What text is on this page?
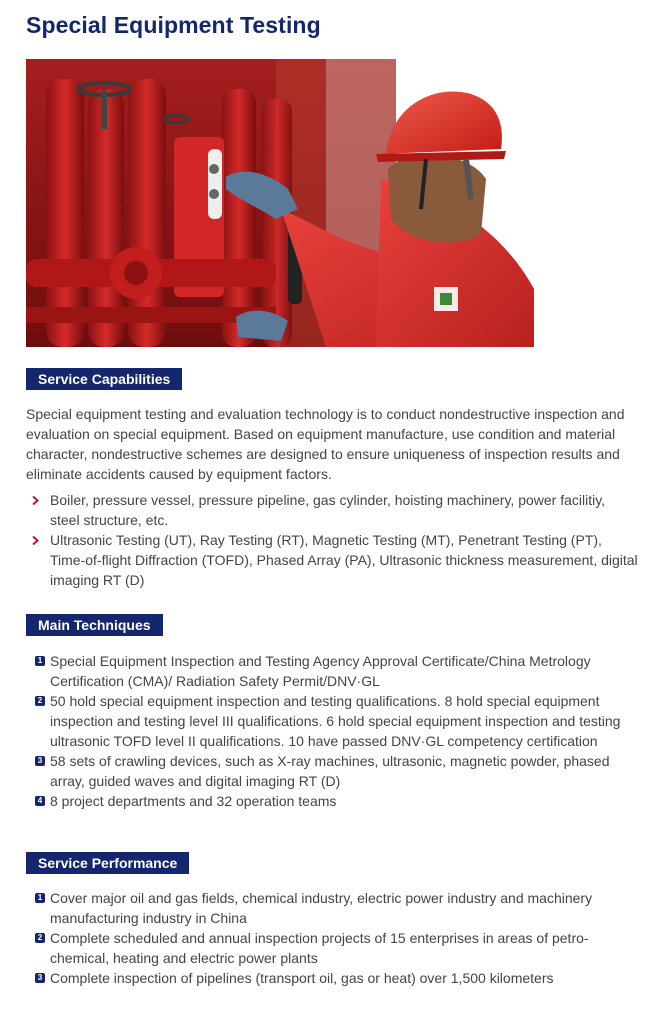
Special Equipment Testing
Service Capabilities

Special equipment testing and evaluation technology is to conduct nondestructive inspection and evaluation on special equipment. Based on equipment manufacture, use condition and material character, nondestructive schemes are designed to ensure uniqueness of inspection results and eliminate accidents caused by equipment factors.

Boiler, pressure vessel, pressure pipeline, gas cylinder, hoisting machinery, power facilitiy, steel structure, etc.
Ultrasonic Testing (UT), Ray Testing (RT), Magnetic Testing (MT), Penetrant Testing (PT), Time-of-flight Diffraction (TOFD), Phased Array (PA), Ultrasonic thickness measurement, digital imaging RT (D)
Main Techniques
1 Special Equipment Inspection and Testing Agency Approval Certificate/China Metrology Certification (CMA)/ Radiation Safety Permit/DNV·GL
2 50 hold special equipment inspection and testing qualifications. 8 hold special equipment inspection and testing level III qualifications. 6 hold special equipment inspection and testing ultrasonic TOFD level II qualifications. 10 have passed DNV·GL competency certification
3 58 sets of crawling devices, such as X-ray machines, ultrasonic, magnetic powder, phased array, guided waves and digital imaging RT (D)
4 8 project departments and 32 operation teams
Service Performance
1 Cover major oil and gas fields, chemical industry, electric power industry and machinery manufacturing industry in China
2 Complete scheduled and annual inspection projects of 15 enterprises in areas of petro-chemical, heating and electric power plants
3 Complete inspection of pipelines (transport oil, gas or heat) over 1,500 kilometers
